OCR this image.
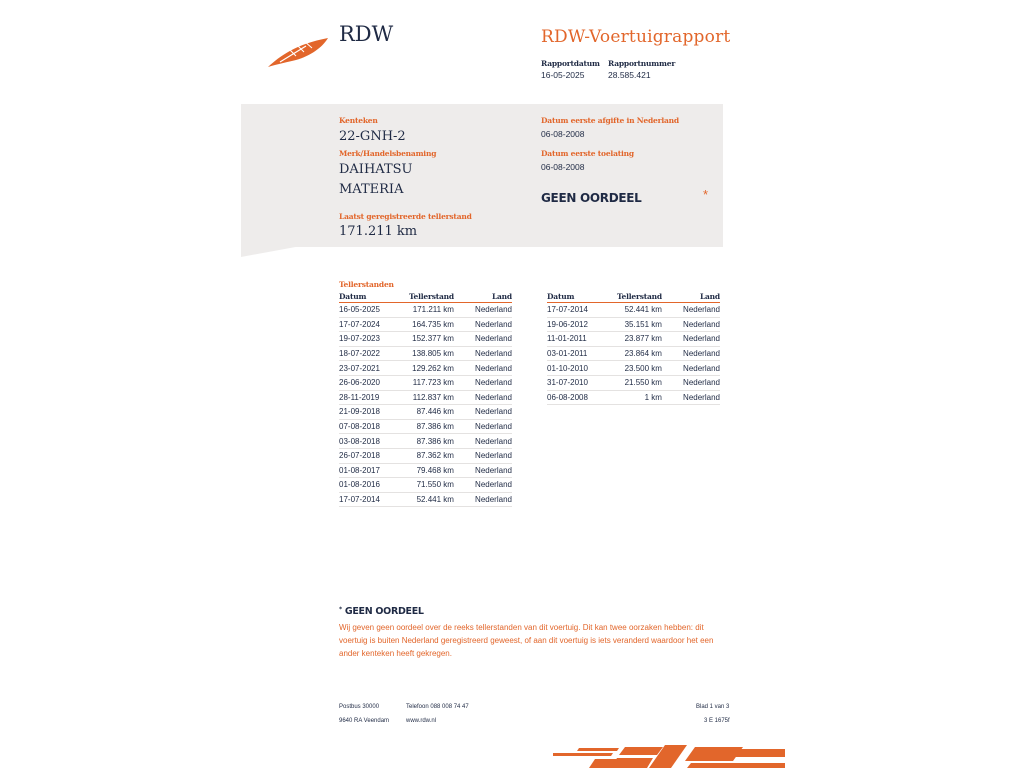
RDW	RDW-Voertuigrapport
Rapportdatum
16-05-2025
Rapportnummer
28.585.421
Kenteken
22-GNH-2
Merk/Handelsbenaming
DAIHATSU
MATERIA
Laatst geregistreerde tellerstand
171.211 km
Datum eerste afgifte in Nederland
06-08-2008
Datum eerste toelating
06-08-2008
GEEN OORDEEL	*
Tellerstanden
Datum	Tellerstand	Land
16-05-2025	171.211 km	Nederland
17-07-2024	164.735 km	Nederland
19-07-2023	152.377 km	Nederland
18-07-2022	138.805 km	Nederland
23-07-2021	129.262 km	Nederland
26-06-2020	117.723 km	Nederland
28-11-2019	112.837 km	Nederland
21-09-2018	87.446 km	Nederland
07-08-2018	87.386 km	Nederland
03-08-2018	87.386 km	Nederland
26-07-2018	87.362 km	Nederland
01-08-2017	79.468 km	Nederland
01-08-2016	71.550 km	Nederland
17-07-2014	52.441 km	Nederland
Datum	Tellerstand	Land
17-07-2014	52.441 km	Nederland
19-06-2012	35.151 km	Nederland
11-01-2011	23.877 km	Nederland
03-01-2011	23.864 km	Nederland
01-10-2010	23.500 km	Nederland
31-07-2010	21.550 km	Nederland
06-08-2008	1 km	Nederland
* GEEN OORDEEL
Wij geven geen oordeel over de reeks tellerstanden van dit voertuig. Dit kan twee oorzaken hebben: dit
voertuig is buiten Nederland geregistreerd geweest, of aan dit voertuig is iets veranderd waardoor het een
ander kenteken heeft gekregen.
Postbus 30000	Telefoon 088 008 74 47	Blad 1 van 3
9640 RA Veendam	www.rdw.nl	3 E 1675f
